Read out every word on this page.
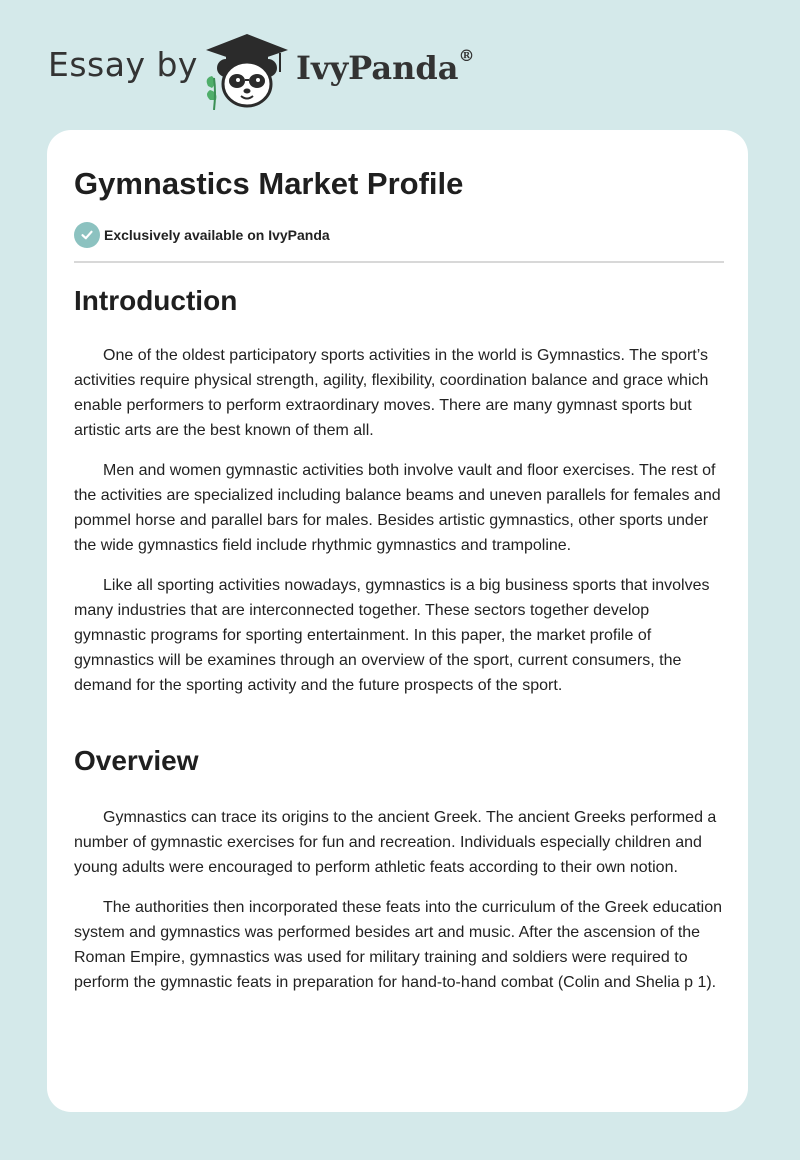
Essay by	IvyPanda®
Gymnastics Market Profile
Exclusively available on IvyPanda
Introduction

One of the oldest participatory sports activities in the world is Gymnastics. The sport’s activities require physical strength, agility, flexibility, coordination balance and grace which enable performers to perform extraordinary moves. There are many gymnast sports but artistic arts are the best known of them all.

Men and women gymnastic activities both involve vault and floor exercises. The rest of the activities are specialized including balance beams and uneven parallels for females and pommel horse and parallel bars for males. Besides artistic gymnastics, other sports under the wide gymnastics field include rhythmic gymnastics and trampoline.

Like all sporting activities nowadays, gymnastics is a big business sports that involves many industries that are interconnected together. These sectors together develop gymnastic programs for sporting entertainment. In this paper, the market profile of gymnastics will be examines through an overview of the sport, current consumers, the demand for the sporting activity and the future prospects of the sport.

Overview

Gymnastics can trace its origins to the ancient Greek. The ancient Greeks performed a number of gymnastic exercises for fun and recreation. Individuals especially children and young adults were encouraged to perform athletic feats according to their own notion.

The authorities then incorporated these feats into the curriculum of the Greek education system and gymnastics was performed besides art and music. After the ascension of the Roman Empire, gymnastics was used for military training and soldiers were required to perform the gymnastic feats in preparation for hand-to-hand combat (Colin and Shelia p 1).
